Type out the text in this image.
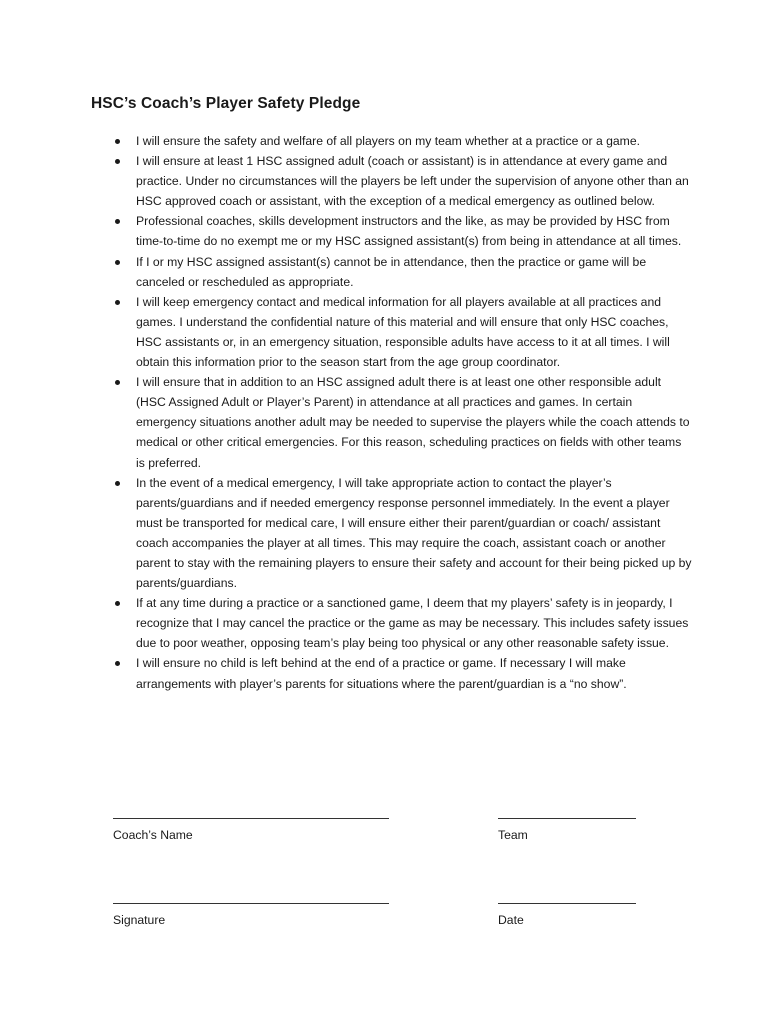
HSC’s Coach’s Player Safety Pledge
I will ensure the safety and welfare of all players on my team whether at a practice or a game.
I will ensure at least 1 HSC assigned adult (coach or assistant) is in attendance at every game and practice. Under no circumstances will the players be left under the supervision of anyone other than an HSC approved coach or assistant, with the exception of a medical emergency as outlined below.
Professional coaches, skills development instructors and the like, as may be provided by HSC from time-to-time do no exempt me or my HSC assigned assistant(s) from being in attendance at all times.
If I or my HSC assigned assistant(s) cannot be in attendance, then the practice or game will be canceled or rescheduled as appropriate.
I will keep emergency contact and medical information for all players available at all practices and games. I understand the confidential nature of this material and will ensure that only HSC coaches, HSC assistants or, in an emergency situation, responsible adults have access to it at all times. I will obtain this information prior to the season start from the age group coordinator.
I will ensure that in addition to an HSC assigned adult there is at least one other responsible adult (HSC Assigned Adult or Player’s Parent) in attendance at all practices and games. In certain emergency situations another adult may be needed to supervise the players while the coach attends to medical or other critical emergencies. For this reason, scheduling practices on fields with other teams is preferred.
In the event of a medical emergency, I will take appropriate action to contact the player’s parents/guardians and if needed emergency response personnel immediately. In the event a player must be transported for medical care, I will ensure either their parent/guardian or coach/ assistant coach accompanies the player at all times. This may require the coach, assistant coach or another parent to stay with the remaining players to ensure their safety and account for their being picked up by parents/guardians.
If at any time during a practice or a sanctioned game, I deem that my players’ safety is in jeopardy, I recognize that I may cancel the practice or the game as may be necessary. This includes safety issues due to poor weather, opposing team’s play being too physical or any other reasonable safety issue.
I will ensure no child is left behind at the end of a practice or game. If necessary I will make arrangements with player’s parents for situations where the parent/guardian is a “no show”.
Coach’s Name	Team
Signature	Date
